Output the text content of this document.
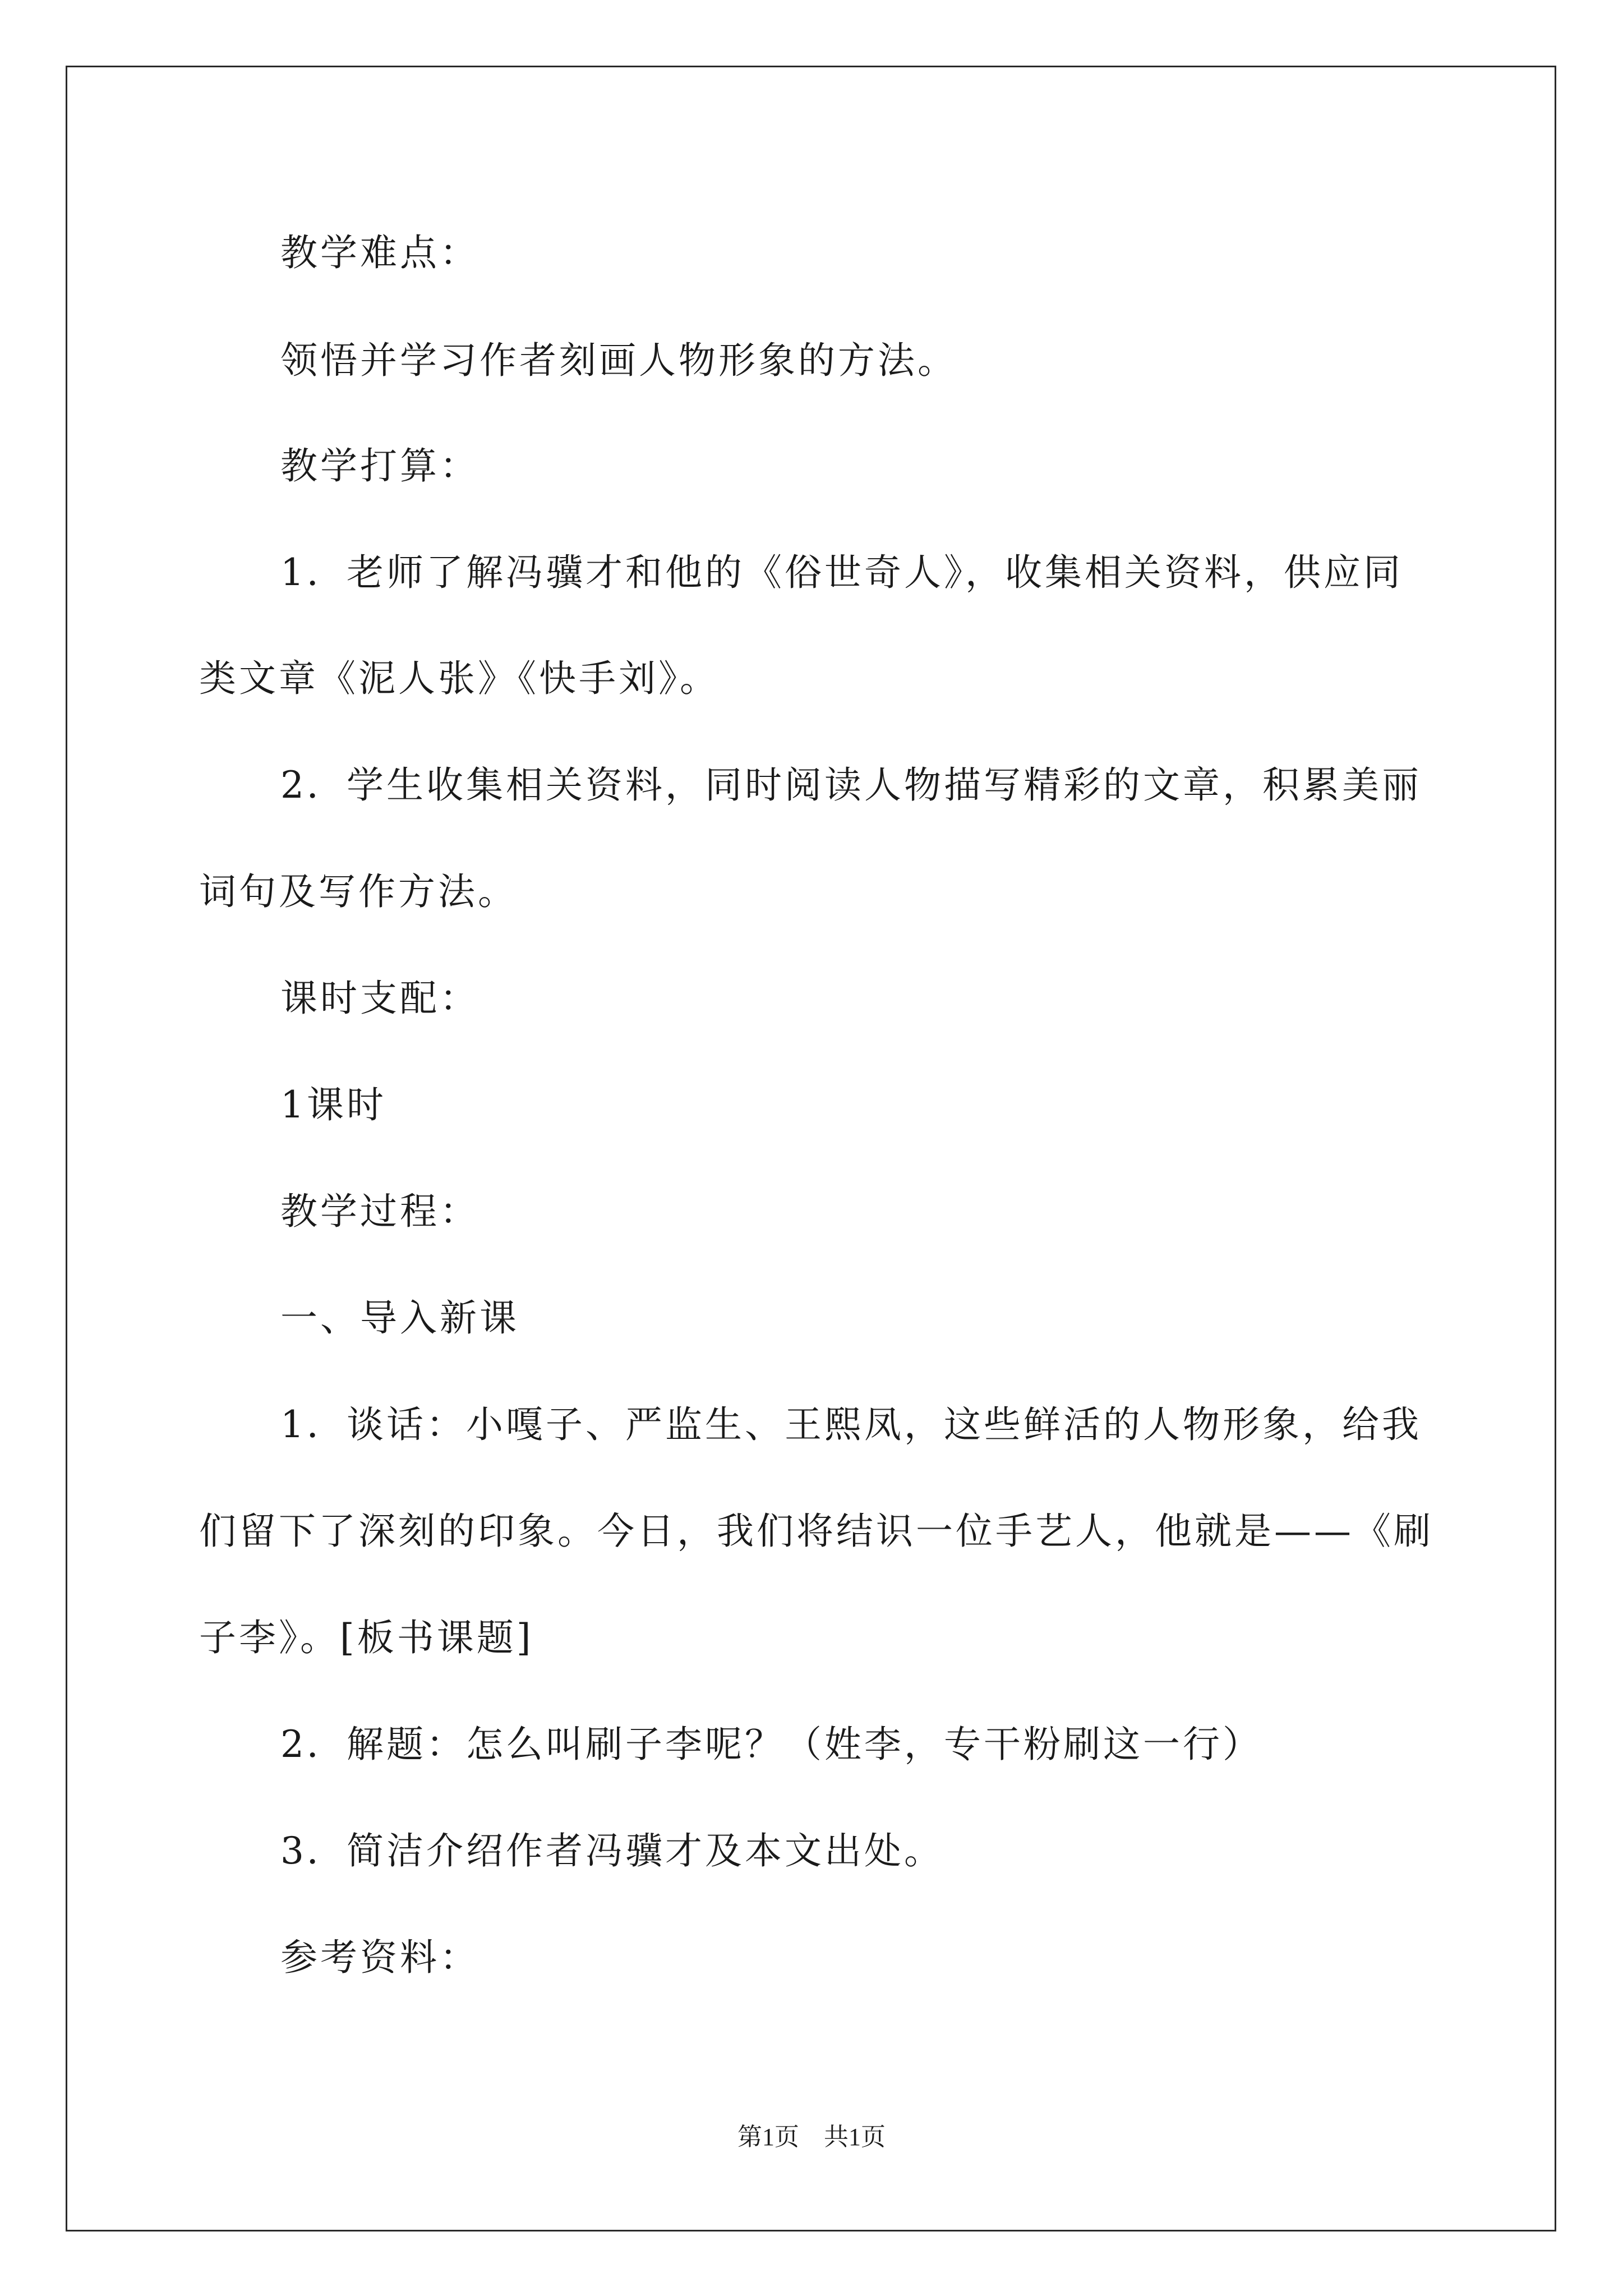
教学难点：
领悟并学习作者刻画人物形象的方法。
教学打算：
1．老师了解冯骥才和他的《俗世奇人》，收集相关资料，供应同
类文章《泥人张》《快手刘》。
2．学生收集相关资料，同时阅读人物描写精彩的文章，积累美丽
词句及写作方法。
课时支配：
1课时
教学过程：
一、导入新课
1．谈话：小嘎子、严监生、王熙凤，这些鲜活的人物形象，给我
们留下了深刻的印象。今日，我们将结识一位手艺人，他就是——《刷
子李》。[板书课题]
2．解题：怎么叫刷子李呢？（姓李，专干粉刷这一行）
3．简洁介绍作者冯骥才及本文出处。
参考资料：
第1页　共1页
